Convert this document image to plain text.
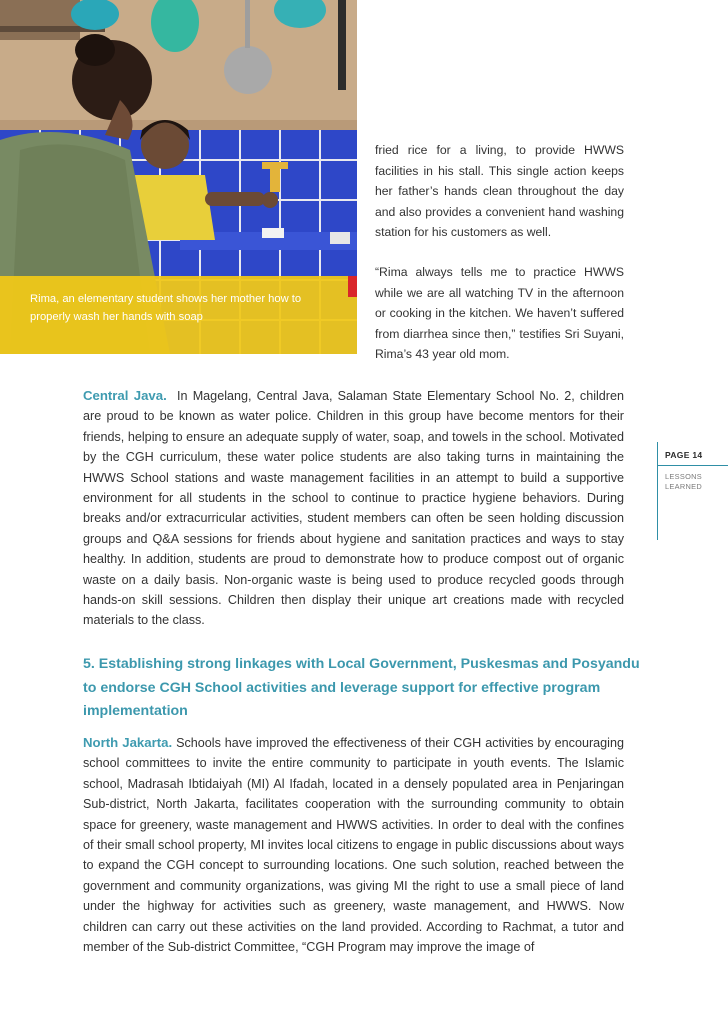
Rima, an elementary student shows her mother how to properly wash her hands with soap

fried rice for a living, to provide HWWS facilities in his stall. This single action keeps her father’s hands clean throughout the day and also provides a convenient hand washing station for his customers as well.

“Rima always tells me to practice HWWS while we are all watching TV in the afternoon or cooking in the kitchen. We haven’t suffered from diarrhea since then,” testifies Sri Suyani, Rima’s 43 year old mom.

PAGE 14
LESSONS
LEARNED

Central Java. In Magelang, Central Java, Salaman State Elementary School No. 2, children are proud to be known as water police. Children in this group have become mentors for their friends, helping to ensure an adequate supply of water, soap, and towels in the school. Motivated by the CGH curriculum, these water police students are also taking turns in maintaining the HWWS School stations and waste management facilities in an attempt to build a supportive environment for all students in the school to continue to practice hygiene behaviors. During breaks and/or extracurricular activities, student members can often be seen holding discussion groups and Q&A sessions for friends about hygiene and sanitation practices and ways to stay healthy. In addition, students are proud to demonstrate how to produce compost out of organic waste on a daily basis. Non-organic waste is being used to produce recycled goods through hands-on skill sessions. Children then display their unique art creations made with recycled materials to the class.

5. Establishing strong linkages with Local Government, Puskesmas and Posyandu to endorse CGH School activities and leverage support for effective program implementation

North Jakarta. Schools have improved the effectiveness of their CGH activities by encouraging school committees to invite the entire community to participate in youth events. The Islamic school, Madrasah Ibtidaiyah (MI) Al Ifadah, located in a densely populated area in Penjaringan Sub-district, North Jakarta, facilitates cooperation with the surrounding community to obtain space for greenery, waste management and HWWS activities. In order to deal with the confines of their small school property, MI invites local citizens to engage in public discussions about ways to expand the CGH concept to surrounding locations. One such solution, reached between the government and community organizations, was giving MI the right to use a small piece of land under the highway for activities such as greenery, waste management, and HWWS. Now children can carry out these activities on the land provided. According to Rachmat, a tutor and member of the Sub-district Committee, “CGH Program may improve the image of
